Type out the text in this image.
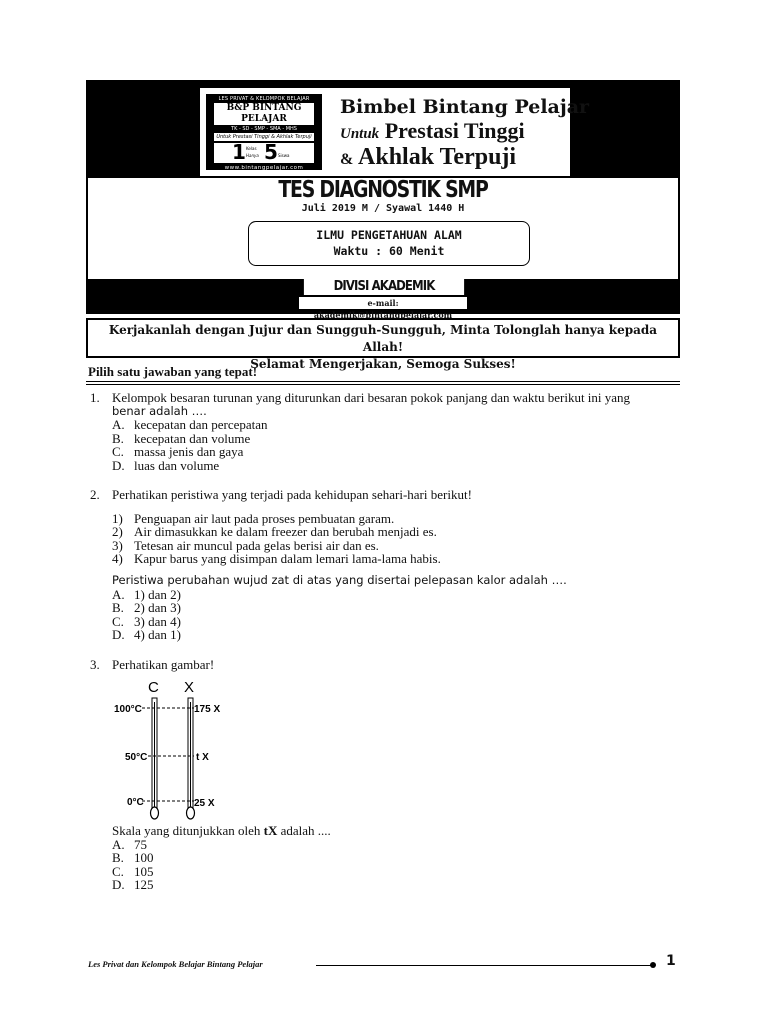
LES PRIVAT & KELOMPOK BELAJAR
B&P BINTANG PELAJAR
TK - SD - SMP - SMA - MHS
Untuk Prestasi Tinggi & Akhlak Terpuji
1 Kelas
Hanya 5 Siswa
www.bintangpelajar.com
Bimbel Bintang Pelajar
Untuk Prestasi Tinggi
& Akhlak Terpuji
TES DIAGNOSTIK SMP
Juli 2019 M / Syawal 1440 H
ILMU PENGETAHUAN ALAM
Waktu : 60 Menit
DIVISI AKADEMIK
e-mail: akademik@bintangpelajar.com
Kerjakanlah dengan Jujur dan Sungguh-Sungguh, Minta Tolonglah hanya kepada Allah!
Selamat Mengerjakan, Semoga Sukses!
Pilih satu jawaban yang tepat!
1. Kelompok besaran turunan yang diturunkan dari besaran pokok panjang dan waktu berikut ini yang

benar adalah ….

A. kecepatan dan percepatan
B. kecepatan dan volume
C. massa jenis dan gaya
D. luas dan volume
2. Perhatikan peristiwa yang terjadi pada kehidupan sehari-hari berikut!

1) Penguapan air laut pada proses pembuatan garam.
2) Air dimasukkan ke dalam freezer dan berubah menjadi es.
3) Tetesan air muncul pada gelas berisi air dan es.
4) Kapur barus yang disimpan dalam lemari lama-lama habis.

Peristiwa perubahan wujud zat di atas yang disertai pelepasan kalor adalah ….

A. 1) dan 2)
B. 2) dan 3)
C. 3) dan 4)
D. 4) dan 1)
3. Perhatikan gambar!

C X
100°C
50°C
0°C
175 X
t X
25 X

Skala yang ditunjukkan oleh tX adalah ....

A. 75
B. 100
C. 105
D. 125
Les Privat dan Kelompok Belajar Bintang Pelajar	1
